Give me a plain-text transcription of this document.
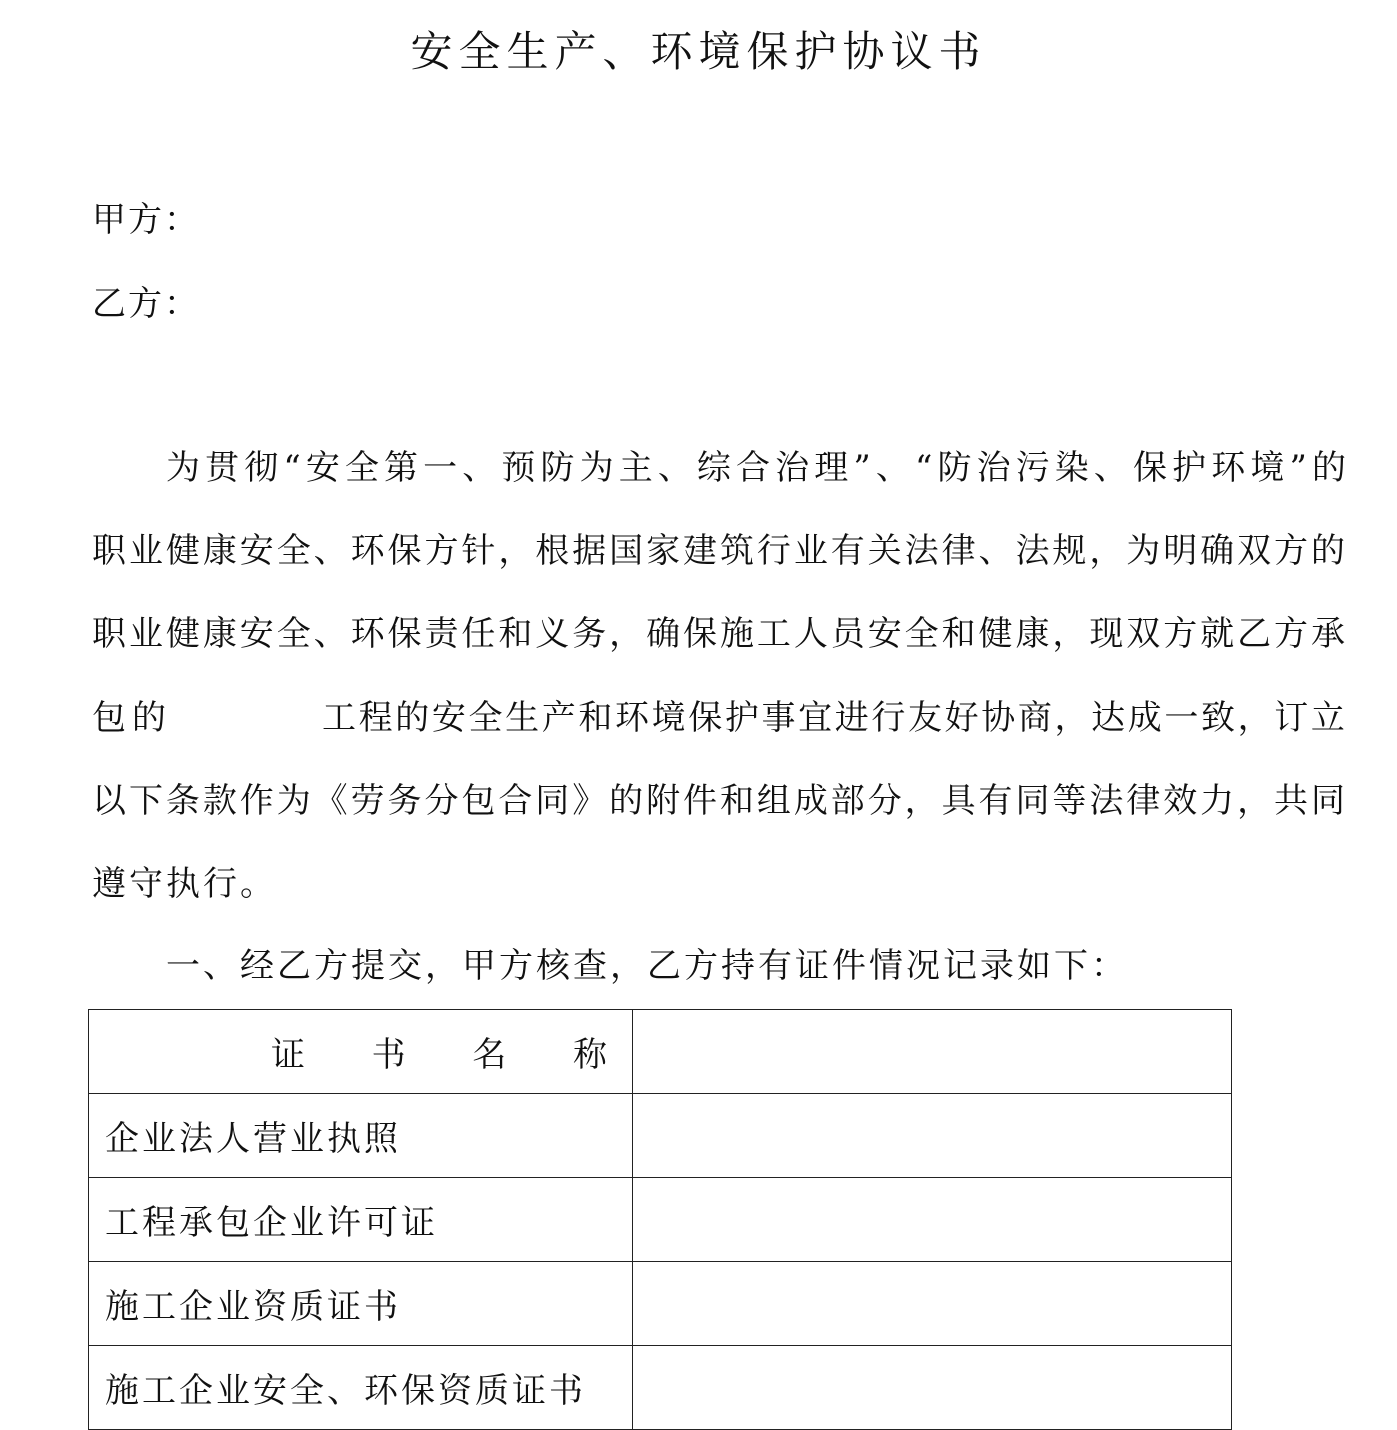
安全生产、环境保护协议书
甲方：
乙方：
为 贯 彻 “ 安 全 第 一 、 预 防 为 主 、 综 合 治 理 ” 、 “ 防 治 污 染 、 保 护 环 境 ” 的
职 业 健 康 安 全 、 环 保 方 针 ， 根 据 国 家 建 筑 行 业 有 关 法 律 、 法 规 ， 为 明 确 双 方 的
职 业 健 康 安 全 、 环 保 责 任 和 义 务 ， 确 保 施 工 人 员 安 全 和 健 康 ， 现 双 方 就 乙 方 承
包的	工 程 的 安 全 生 产 和 环 境 保 护 事 宜 进 行 友 好 协 商 ， 达 成 一 致 ， 订 立
以 下 条 款 作 为 《 劳 务 分 包 合 同 》 的 附 件 和 组 成 部 分 ， 具 有 同 等 法 律 效 力 ， 共 同
遵守执行。
一、经乙方提交，甲方核查，乙方持有证件情况记录如下：
证 书 名 称	

企业法人营业执照	
工程承包企业许可证	
施工企业资质证书	
施工企业安全、环保资质证书	
